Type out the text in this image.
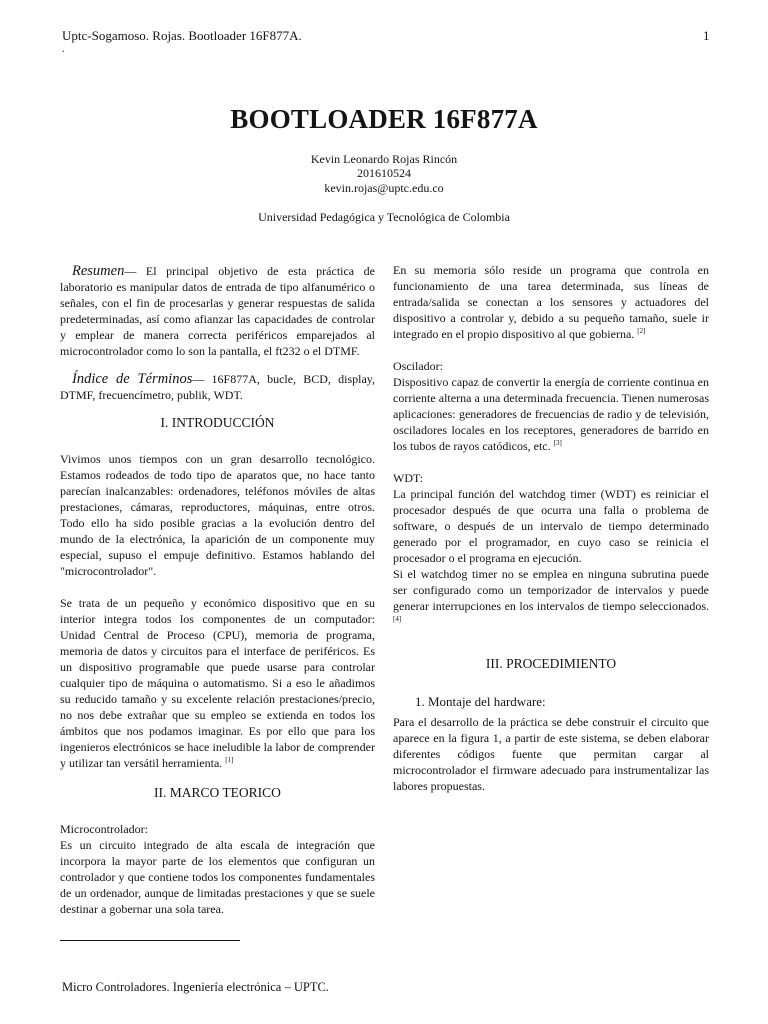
Uptc-Sogamoso. Rojas. Bootloader 16F877A.
.
1
BOOTLOADER 16F877A
Kevin Leonardo Rojas Rincón
201610524
kevin.rojas@uptc.edu.co
Universidad Pedagógica y Tecnológica de Colombia

Resumen— El principal objetivo de esta práctica de laboratorio es manipular datos de entrada de tipo alfanumérico o señales, con el fin de procesarlas y generar respuestas de salida predeterminadas, así como afianzar las capacidades de controlar y emplear de manera correcta periféricos emparejados al microcontrolador como lo son la pantalla, el ft232 o el DTMF.

Índice de Términos— 16F877A, bucle, BCD, display, DTMF, frecuencímetro, publik, WDT.

I. INTRODUCCIÓN

Vivimos unos tiempos con un gran desarrollo tecnológico. Estamos rodeados de todo tipo de aparatos que, no hace tanto parecían inalcanzables: ordenadores, teléfonos móviles de altas prestaciones, cámaras, reproductores, máquinas, entre otros. Todo ello ha sido posible gracias a la evolución dentro del mundo de la electrónica, la aparición de un componente muy especial, supuso el empuje definitivo. Estamos hablando del "microcontrolador".

Se trata de un pequeño y económico dispositivo que en su interior integra todos los componentes de un computador: Unidad Central de Proceso (CPU), memoria de programa, memoria de datos y circuitos para el interface de periféricos. Es un dispositivo programable que puede usarse para controlar cualquier tipo de máquina o automatismo. Si a eso le añadimos su reducido tamaño y su excelente relación prestaciones/precio, no nos debe extrañar que su empleo se extienda en todos los ámbitos que nos podamos imaginar. Es por ello que para los ingenieros electrónicos se hace ineludible la labor de comprender y utilizar tan versátil herramienta. [1]

II. MARCO TEORICO

Microcontrolador:

Es un circuito integrado de alta escala de integración que incorpora la mayor parte de los elementos que configuran un controlador y que contiene todos los componentes fundamentales de un ordenador, aunque de limitadas prestaciones y que se suele destinar a gobernar una sola tarea.

En su memoria sólo reside un programa que controla en funcionamiento de una tarea determinada, sus líneas de entrada/salida se conectan a los sensores y actuadores del dispositivo a controlar y, debido a su pequeño tamaño, suele ir integrado en el propio dispositivo al que gobierna. [2]

Oscilador:

Dispositivo capaz de convertir la energía de corriente continua en corriente alterna a una determinada frecuencia. Tienen numerosas aplicaciones: generadores de frecuencias de radio y de televisión, osciladores locales en los receptores, generadores de barrido en los tubos de rayos catódicos, etc. [3]

WDT:

La principal función del watchdog timer (WDT) es reiniciar el procesador después de que ocurra una falla o problema de software, o después de un intervalo de tiempo determinado generado por el programador, en cuyo caso se reinicia el procesador o el programa en ejecución.

Si el watchdog timer no se emplea en ninguna subrutina puede ser configurado como un temporizador de intervalos y puede generar interrupciones en los intervalos de tiempo seleccionados. [4]

III. PROCEDIMIENTO

1. Montaje del hardware:

Para el desarrollo de la práctica se debe construir el circuito que aparece en la figura 1, a partir de este sistema, se deben elaborar diferentes códigos fuente que permitan cargar al microcontrolador el firmware adecuado para instrumentalizar las labores propuestas.

Micro Controladores. Ingeniería electrónica – UPTC.
